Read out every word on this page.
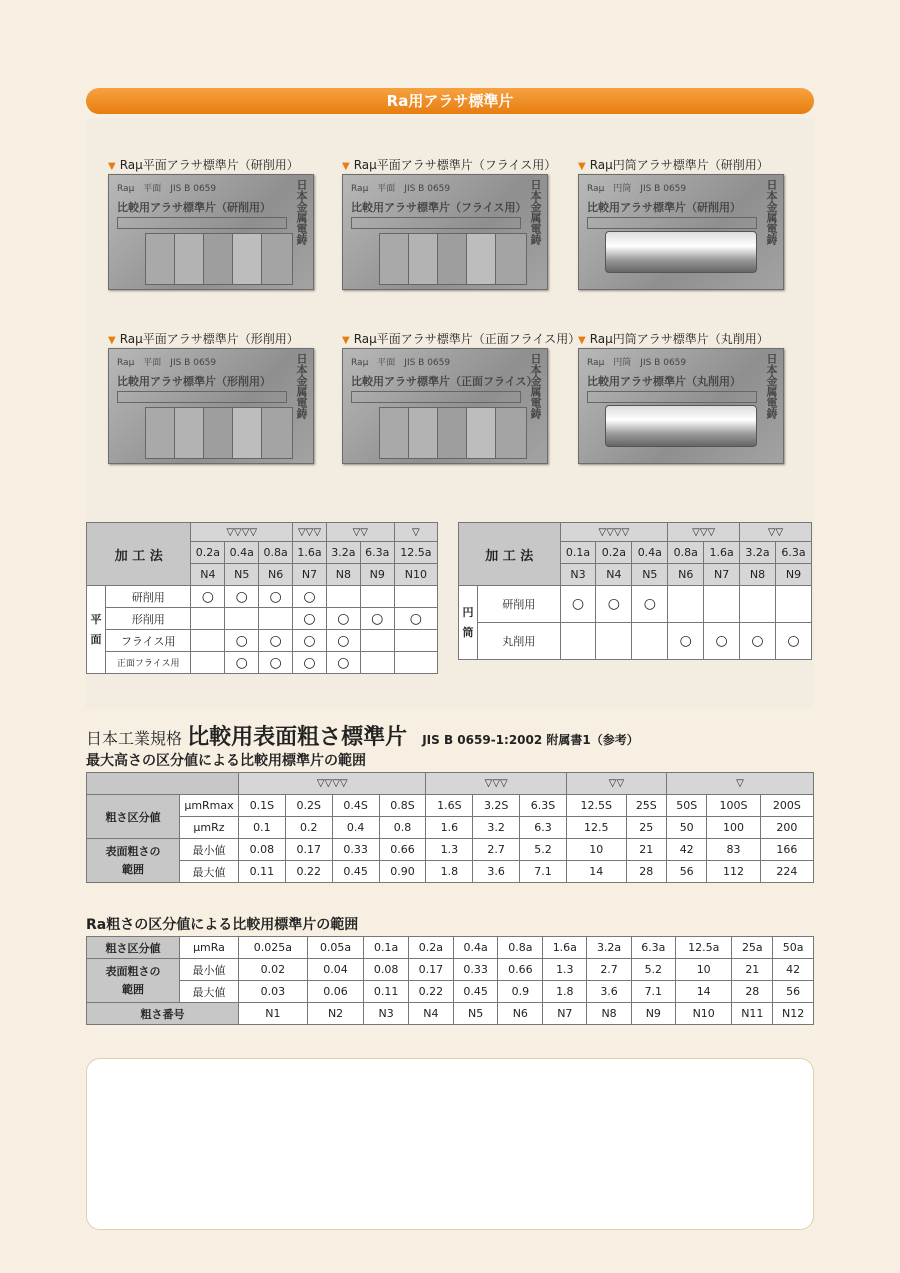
Ra用アラサ標準片
▼ Raμ平面アラサ標準片（研削用）
Raμ　平面　JIS B 0659
比較用アラサ標準片（研削用） 日本金属電鋳
▼ Raμ平面アラサ標準片（フライス用）
Raμ　平面　JIS B 0659
比較用アラサ標準片（フライス用） 日本金属電鋳
▼ Raμ円筒アラサ標準片（研削用）
Raμ　円筒　JIS B 0659
比較用アラサ標準片（研削用） 日本金属電鋳
▼ Raμ平面アラサ標準片（形削用）
Raμ　平面　JIS B 0659
比較用アラサ標準片（形削用） 日本金属電鋳
▼ Raμ平面アラサ標準片（正面フライス用）
Raμ　平面　JIS B 0659
比較用アラサ標準片（正面フライス）
日本金属電鋳
▼ Raμ円筒アラサ標準片（丸削用）
Raμ　円筒　JIS B 0659
比較用アラサ標準片（丸削用） 日本金属電鋳
加 工 法		▽▽▽▽			▽▽▽	▽▽		▽
		0.2a	0.4a	0.8a	1.6a	3.2a	6.3a	12.5a
		N4	N5	N6	N7	N8	N9	N10

平
面	研削用	○	○	○	○			
	形削用				○	○	○	○
	フライス用		○	○	○	○		
	正面フライス用		○	○	○	○		
加 工 法		▽▽▽▽			▽▽▽		▽▽	
		0.1a	0.2a	0.4a	0.8a	1.6a	3.2a	6.3a
		N3	N4	N5	N6	N7	N8	N9

円
筒	研削用	○	○	○				
	丸削用				○	○	○	○
日本工業規格 比較用表面粗さ標準片 JIS B 0659-1:2002 附属書1（参考）
最大高さの区分値による比較用標準片の範囲
		▽▽▽▽				▽▽▽			▽▽		▽		
粗さ区分値	μmRmax	0.1S	0.2S	0.4S	0.8S	1.6S	3.2S	6.3S	12.5S	25S	50S	100S	200S
	μmRz	0.1	0.2	0.4	0.8	1.6	3.2	6.3	12.5	25	50	100	200

表面粗さの
範囲	最小値	0.08	0.17	0.33	0.66	1.3	2.7	5.2	10	21	42	83	166
	最大値	0.11	0.22	0.45	0.90	1.8	3.6	7.1	14	28	56	112	224
Ra粗さの区分値による比較用標準片の範囲
粗さ区分値	μmRa	0.025a	0.05a	0.1a	0.2a	0.4a	0.8a	1.6a	3.2a	6.3a	12.5a	25a	50a

表面粗さの
範囲	最小値	0.02	0.04	0.08	0.17	0.33	0.66	1.3	2.7	5.2	10	21	42
	最大値	0.03	0.06	0.11	0.22	0.45	0.9	1.8	3.6	7.1	14	28	56
粗さ番号		N1	N2	N3	N4	N5	N6	N7	N8	N9	N10	N11	N12
